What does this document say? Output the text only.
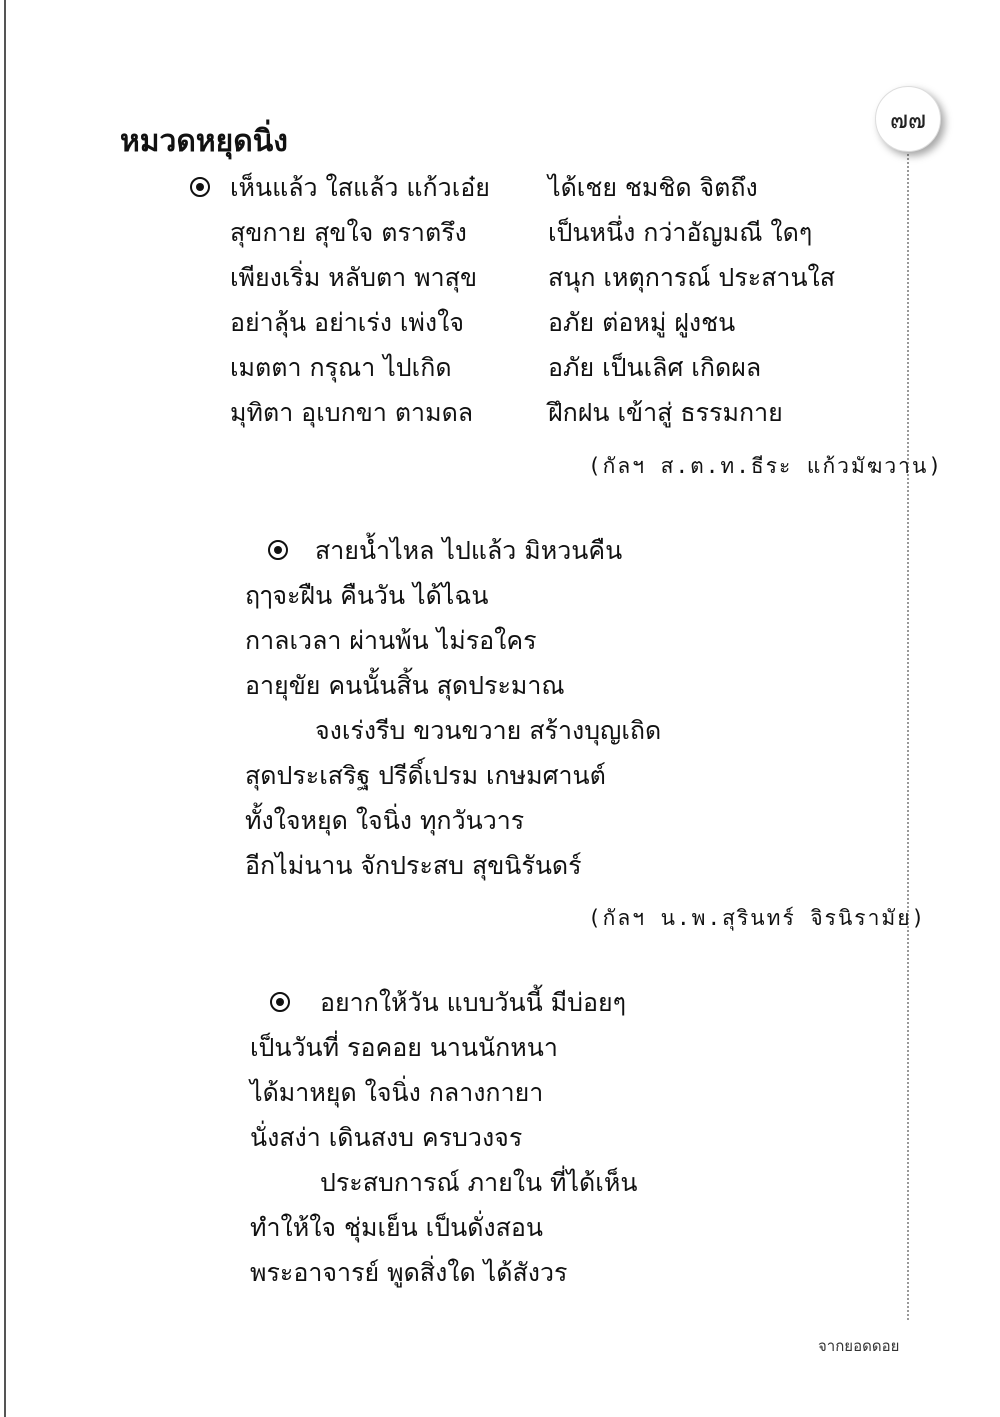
๗๗
หมวดหยุดนิ่ง
เห็นแล้ว ใสแล้ว แก้วเอ๋ย
สุขกาย สุขใจ ตราตรึง
เพียงเริ่ม หลับตา พาสุข
อย่าลุ้น อย่าเร่ง เพ่งใจ
เมตตา กรุณา ไปเกิด
มุทิตา อุเบกขา ตามดล
ได้เชย ชมชิด จิตถึง
เป็นหนึ่ง กว่าอัญมณี ใดๆ
สนุก เหตุการณ์ ประสานใส
อภัย ต่อหมู่ ฝูงชน
อภัย เป็นเลิศ เกิดผล
ฝึกฝน เข้าสู่ ธรรมกาย
(กัลฯ ส.ต.ท.ธีระ แก้วมัฆวาน)
สายน้ำไหล ไปแล้ว มิหวนคืน
ฤๅจะฝืน คืนวัน ได้ไฉน
กาลเวลา ผ่านพ้น ไม่รอใคร
อายุขัย คนนั้นสิ้น สุดประมาณ
จงเร่งรีบ ขวนขวาย สร้างบุญเถิด
สุดประเสริฐ ปรีดิ์เปรม เกษมศานต์
ทั้งใจหยุด ใจนิ่ง ทุกวันวาร
อีกไม่นาน จักประสบ สุขนิรันดร์
(กัลฯ น.พ.สุรินทร์ จิรนิรามัย)
อยากให้วัน แบบวันนี้ มีบ่อยๆ
เป็นวันที่ รอคอย นานนักหนา
ได้มาหยุด ใจนิ่ง กลางกายา
นั่งสง่า เดินสงบ ครบวงจร
ประสบการณ์ ภายใน ที่ได้เห็น
ทำให้ใจ ชุ่มเย็น เป็นดั่งสอน
พระอาจารย์ พูดสิ่งใด ได้สังวร
จากยอดดอย
